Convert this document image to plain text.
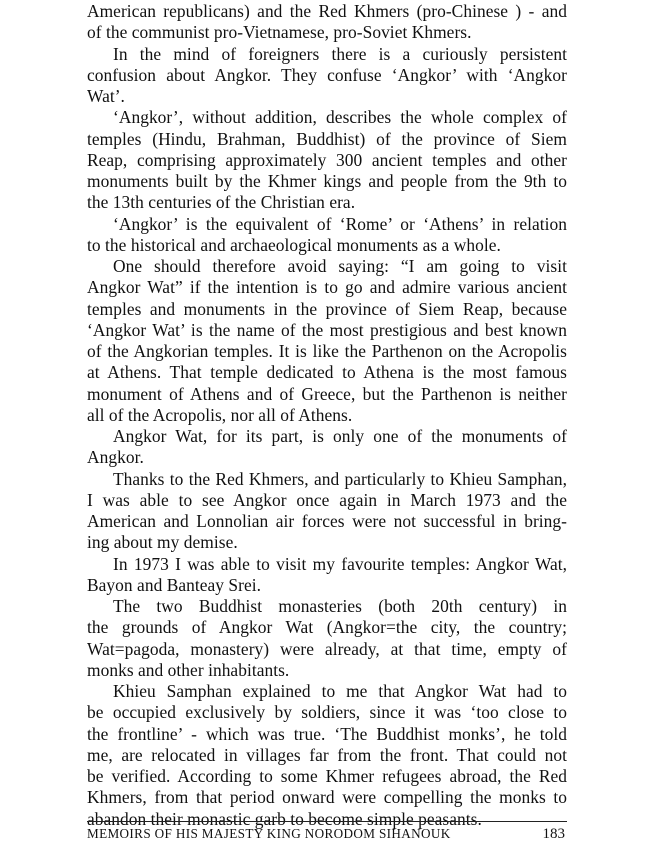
American republicans) and the Red Khmers (pro-Chinese ) - and
of the communist pro-Vietnamese, pro-Soviet Khmers.
In the mind of foreigners there is a curiously persistent
confusion about Angkor. They confuse ‘Angkor’ with ‘Angkor
Wat’.
‘Angkor’, without addition, describes the whole complex of
temples (Hindu, Brahman, Buddhist) of the province of Siem
Reap, comprising approximately 300 ancient temples and other
monuments built by the Khmer kings and people from the 9th to
the 13th centuries of the Christian era.
‘Angkor’ is the equivalent of ‘Rome’ or ‘Athens’ in relation
to the historical and archaeological monuments as a whole.
One should therefore avoid saying: “I am going to visit
Angkor Wat” if the intention is to go and admire various ancient
temples and monuments in the province of Siem Reap, because
‘Angkor Wat’ is the name of the most prestigious and best known
of the Angkorian temples. It is like the Parthenon on the Acropolis
at Athens. That temple dedicated to Athena is the most famous
monument of Athens and of Greece, but the Parthenon is neither
all of the Acropolis, nor all of Athens.
Angkor Wat, for its part, is only one of the monuments of
Angkor.
Thanks to the Red Khmers, and particularly to Khieu Samphan,
I was able to see Angkor once again in March 1973 and the
American and Lonnolian air forces were not successful in bring-
ing about my demise.
In 1973 I was able to visit my favourite temples: Angkor Wat,
Bayon and Banteay Srei.
The two Buddhist monasteries (both 20th century) in
the grounds of Angkor Wat (Angkor=the city, the country;
Wat=pagoda, monastery) were already, at that time, empty of
monks and other inhabitants.
Khieu Samphan explained to me that Angkor Wat had to
be occupied exclusively by soldiers, since it was ‘too close to
the frontline’ - which was true. ‘The Buddhist monks’, he told
me, are relocated in villages far from the front. That could not
be verified. According to some Khmer refugees abroad, the Red
Khmers, from that period onward were compelling the monks to
abandon their monastic garb to become simple peasants.
MEMOIRS OF HIS MAJESTY KING NORODOM SIHANOUK	183
